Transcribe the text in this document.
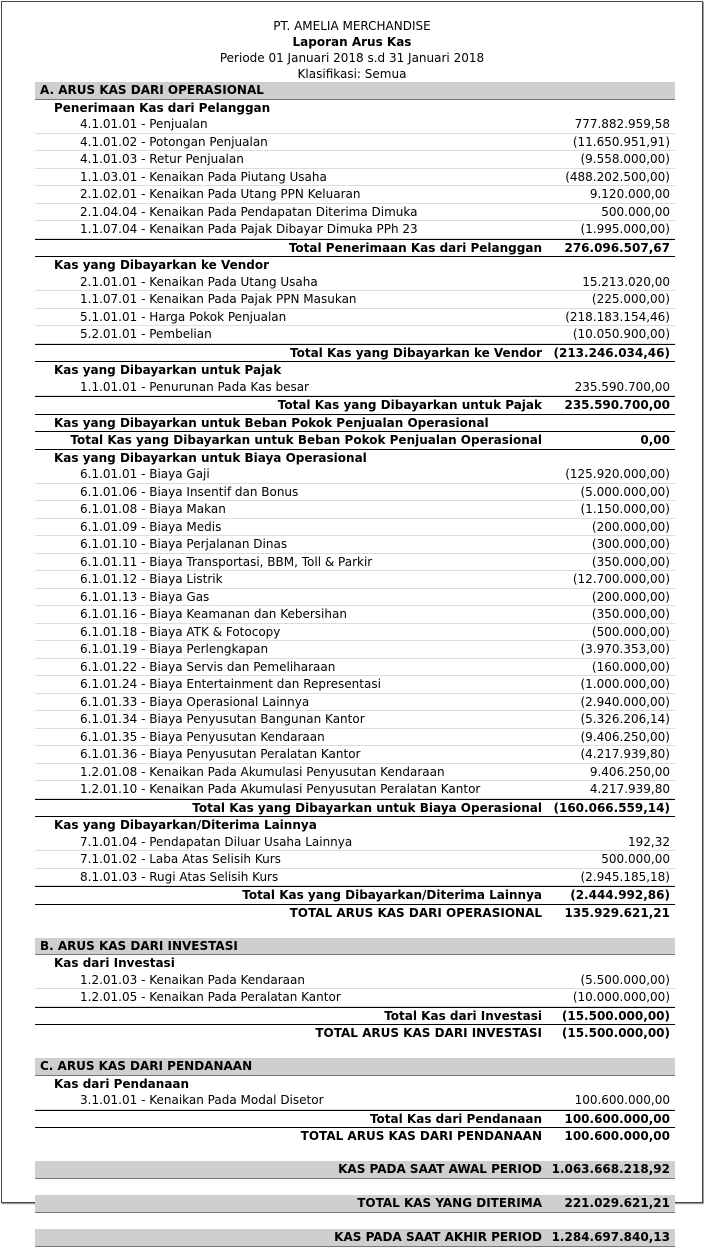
PT. AMELIA MERCHANDISE
Laporan Arus Kas
Periode 01 Januari 2018 s.d 31 Januari 2018
Klasifikasi: Semua
A. ARUS KAS DARI OPERASIONAL
Penerimaan Kas dari Pelanggan
4.1.01.01 - Penjualan	777.882.959,58
4.1.01.02 - Potongan Penjualan	(11.650.951,91)
4.1.01.03 - Retur Penjualan	(9.558.000,00)
1.1.03.01 - Kenaikan Pada Piutang Usaha	(488.202.500,00)
2.1.02.01 - Kenaikan Pada Utang PPN Keluaran	9.120.000,00
2.1.04.04 - Kenaikan Pada Pendapatan Diterima Dimuka	500.000,00
1.1.07.04 - Kenaikan Pada Pajak Dibayar Dimuka PPh 23	(1.995.000,00)
Total Penerimaan Kas dari Pelanggan 276.096.507,67
Kas yang Dibayarkan ke Vendor
2.1.01.01 - Kenaikan Pada Utang Usaha	15.213.020,00
1.1.07.01 - Kenaikan Pada Pajak PPN Masukan	(225.000,00)
5.1.01.01 - Harga Pokok Penjualan	(218.183.154,46)
5.2.01.01 - Pembelian	(10.050.900,00)
Total Kas yang Dibayarkan ke Vendor (213.246.034,46)
Kas yang Dibayarkan untuk Pajak
1.1.01.01 - Penurunan Pada Kas besar	235.590.700,00
Total Kas yang Dibayarkan untuk Pajak 235.590.700,00
Kas yang Dibayarkan untuk Beban Pokok Penjualan Operasional
Total Kas yang Dibayarkan untuk Beban Pokok Penjualan Operasional	0,00
Kas yang Dibayarkan untuk Biaya Operasional
6.1.01.01 - Biaya Gaji	(125.920.000,00)
6.1.01.06 - Biaya Insentif dan Bonus	(5.000.000,00)
6.1.01.08 - Biaya Makan	(1.150.000,00)
6.1.01.09 - Biaya Medis	(200.000,00)
6.1.01.10 - Biaya Perjalanan Dinas	(300.000,00)
6.1.01.11 - Biaya Transportasi, BBM, Toll & Parkir	(350.000,00)
6.1.01.12 - Biaya Listrik	(12.700.000,00)
6.1.01.13 - Biaya Gas	(200.000,00)
6.1.01.16 - Biaya Keamanan dan Kebersihan	(350.000,00)
6.1.01.18 - Biaya ATK & Fotocopy	(500.000,00)
6.1.01.19 - Biaya Perlengkapan	(3.970.353,00)
6.1.01.22 - Biaya Servis dan Pemeliharaan	(160.000,00)
6.1.01.24 - Biaya Entertainment dan Representasi	(1.000.000,00)
6.1.01.33 - Biaya Operasional Lainnya	(2.940.000,00)
6.1.01.34 - Biaya Penyusutan Bangunan Kantor	(5.326.206,14)
6.1.01.35 - Biaya Penyusutan Kendaraan	(9.406.250,00)
6.1.01.36 - Biaya Penyusutan Peralatan Kantor	(4.217.939,80)
1.2.01.08 - Kenaikan Pada Akumulasi Penyusutan Kendaraan	9.406.250,00
1.2.01.10 - Kenaikan Pada Akumulasi Penyusutan Peralatan Kantor	4.217.939,80
Total Kas yang Dibayarkan untuk Biaya Operasional (160.066.559,14)
Kas yang Dibayarkan/Diterima Lainnya
7.1.01.04 - Pendapatan Diluar Usaha Lainnya	192,32
7.1.01.02 - Laba Atas Selisih Kurs	500.000,00
8.1.01.03 - Rugi Atas Selisih Kurs	(2.945.185,18)
Total Kas yang Dibayarkan/Diterima Lainnya (2.444.992,86)
TOTAL ARUS KAS DARI OPERASIONAL 135.929.621,21
B. ARUS KAS DARI INVESTASI
Kas dari Investasi
1.2.01.03 - Kenaikan Pada Kendaraan	(5.500.000,00)
1.2.01.05 - Kenaikan Pada Peralatan Kantor	(10.000.000,00)
Total Kas dari Investasi (15.500.000,00)
TOTAL ARUS KAS DARI INVESTASI (15.500.000,00)
C. ARUS KAS DARI PENDANAAN
Kas dari Pendanaan
3.1.01.01 - Kenaikan Pada Modal Disetor	100.600.000,00
Total Kas dari Pendanaan 100.600.000,00
TOTAL ARUS KAS DARI PENDANAAN 100.600.000,00
KAS PADA SAAT AWAL PERIOD 1.063.668.218,92
TOTAL KAS YANG DITERIMA 221.029.621,21
KAS PADA SAAT AKHIR PERIOD 1.284.697.840,13
